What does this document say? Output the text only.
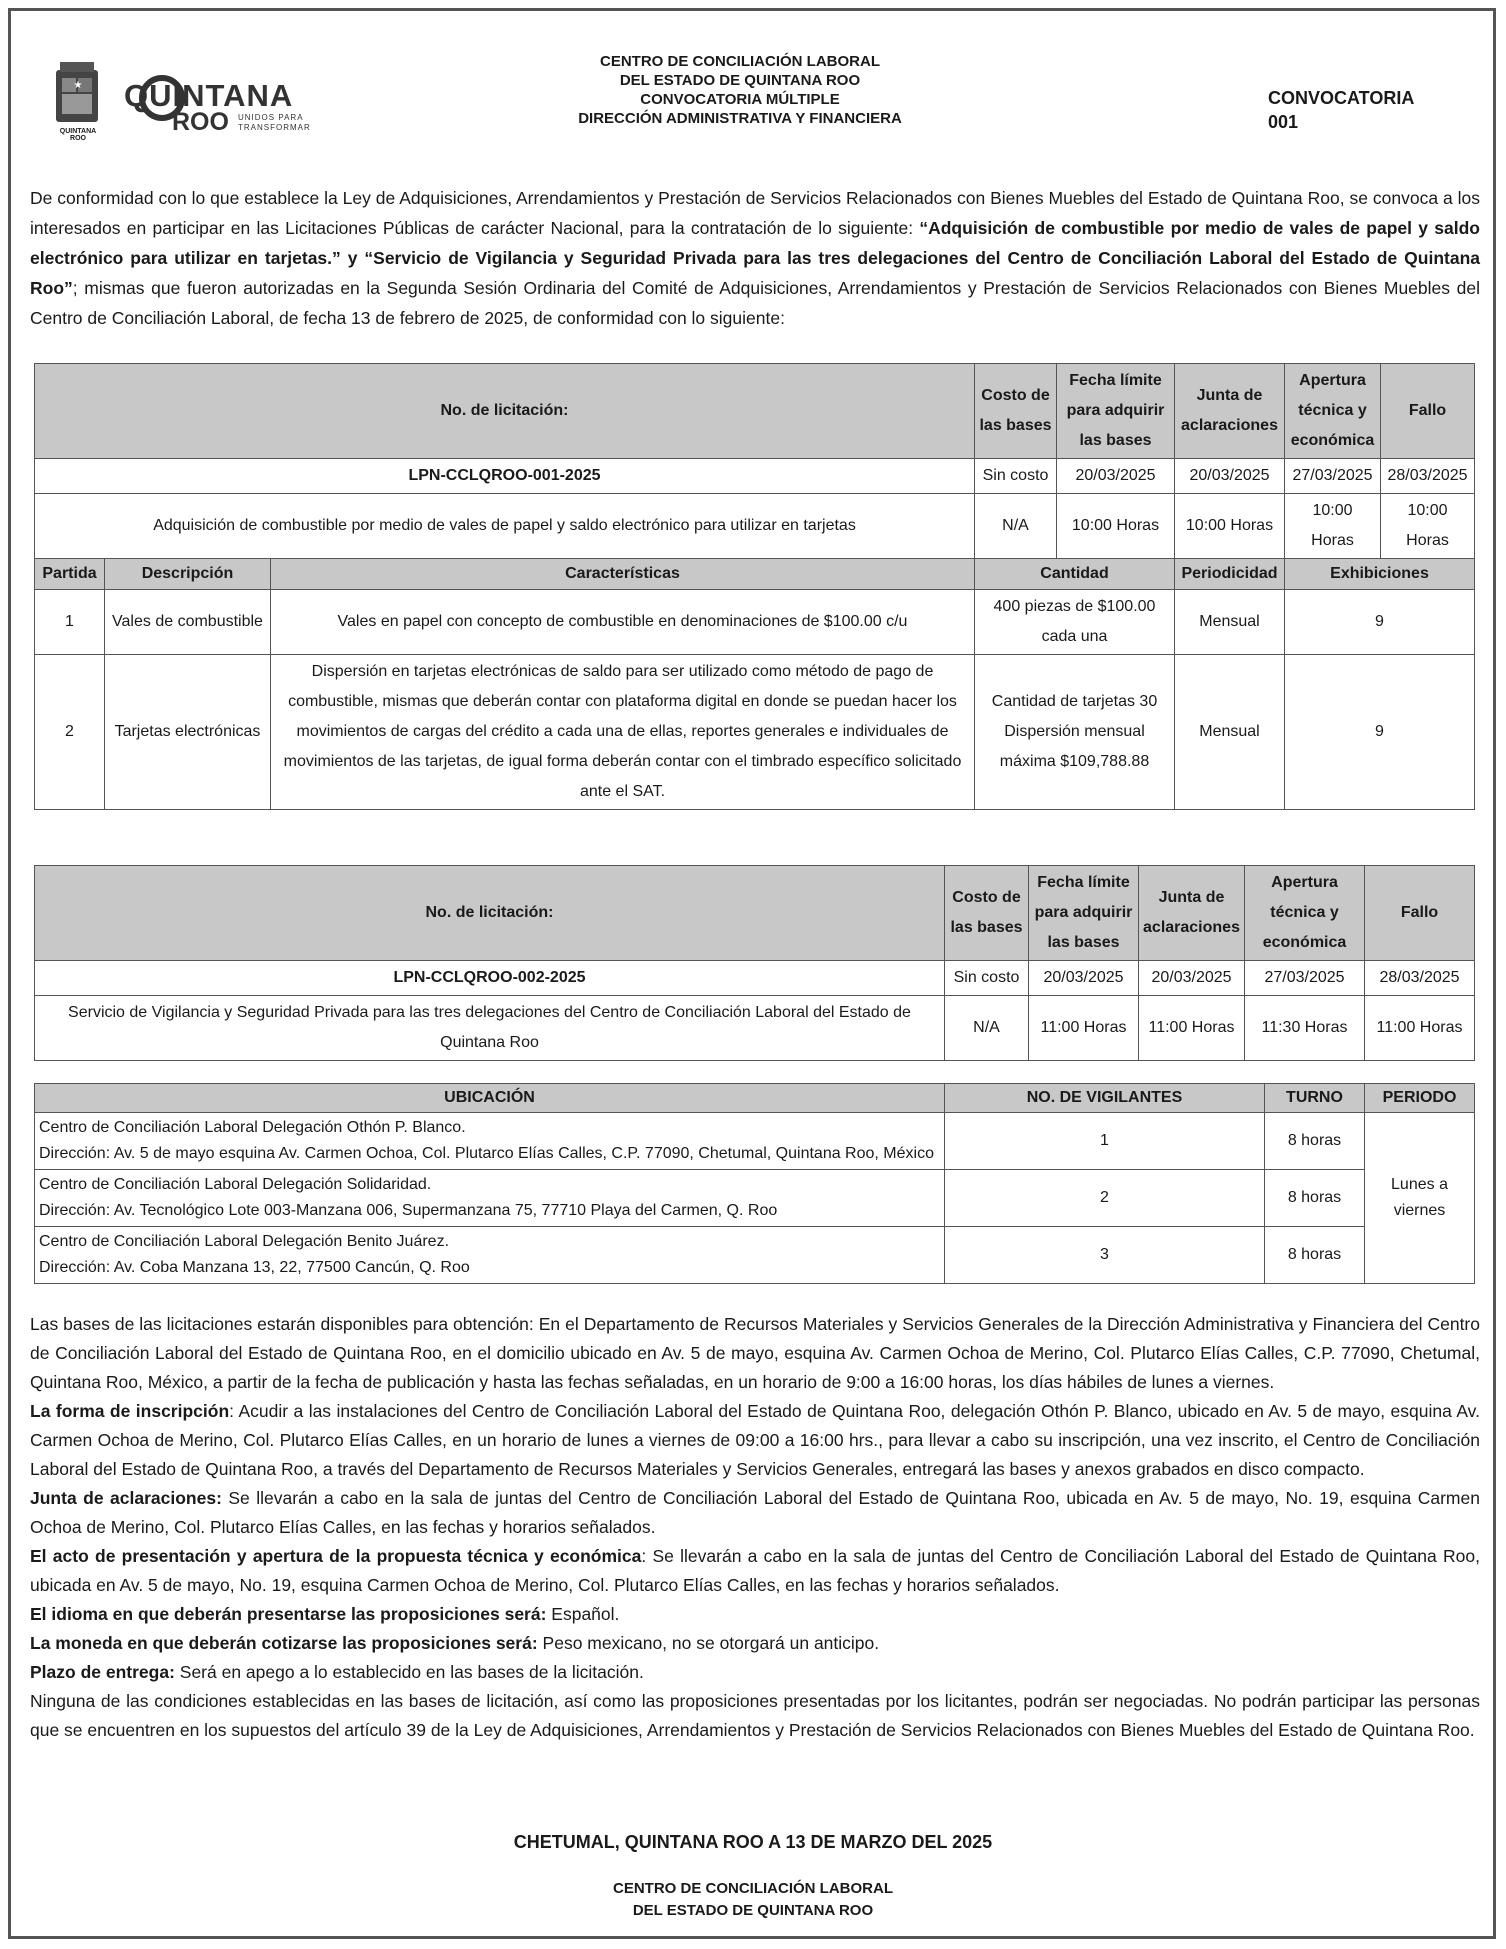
★
QUINTANA ROO
QUINTANA
ROO UNIDOS PARA
TRANSFORMAR
CENTRO DE CONCILIACIÓN LABORAL
DEL ESTADO DE QUINTANA ROO
CONVOCATORIA MÚLTIPLE
DIRECCIÓN ADMINISTRATIVA Y FINANCIERA
CONVOCATORIA
001
De conformidad con lo que establece la Ley de Adquisiciones, Arrendamientos y Prestación de Servicios Relacionados con Bienes Muebles del Estado de Quintana Roo, se convoca a los interesados en participar en las Licitaciones Públicas de carácter Nacional, para la contratación de lo siguiente: “Adquisición de combustible por medio de vales de papel y saldo electrónico para utilizar en tarjetas.” y “Servicio de Vigilancia y Seguridad Privada para las tres delegaciones del Centro de Conciliación Laboral del Estado de Quintana Roo”; mismas que fueron autorizadas en la Segunda Sesión Ordinaria del Comité de Adquisiciones, Arrendamientos y Prestación de Servicios Relacionados con Bienes Muebles del Centro de Conciliación Laboral, de fecha 13 de febrero de 2025, de conformidad con lo siguiente:
No. de licitación:			Costo de las bases	Fecha límite para adquirir las bases	Junta de aclaraciones	Apertura técnica y económica	Fallo
LPN-CCLQROO-001-2025			Sin costo	20/03/2025	20/03/2025	27/03/2025	28/03/2025
Adquisición de combustible por medio de vales de papel y saldo electrónico para utilizar en tarjetas			N/A	10:00 Horas	10:00 Horas	10:00 Horas	10:00 Horas
Partida	Descripción	Características	Cantidad		Periodicidad	Exhibiciones	
1	Vales de combustible	Vales en papel con concepto de combustible en denominaciones de $100.00 c/u	400 piezas de $100.00 cada una		Mensual	9	
2	Tarjetas electrónicas	Dispersión en tarjetas electrónicas de saldo para ser utilizado como método de pago de combustible, mismas que deberán contar con plataforma digital en donde se puedan hacer los movimientos de cargas del crédito a cada una de ellas, reportes generales e individuales de movimientos de las tarjetas, de igual forma deberán contar con el timbrado específico solicitado ante el SAT.	Cantidad de tarjetas 30 Dispersión mensual máxima $109,788.88		Mensual	9	
No. de licitación:	Costo de las bases	Fecha límite para adquirir las bases	Junta de aclaraciones	Apertura técnica y económica	Fallo
LPN-CCLQROO-002-2025	Sin costo	20/03/2025	20/03/2025	27/03/2025	28/03/2025
Servicio de Vigilancia y Seguridad Privada para las tres delegaciones del Centro de Conciliación Laboral del Estado de Quintana Roo	N/A	11:00 Horas	11:00 Horas	11:30 Horas	11:00 Horas
UBICACIÓN	NO. DE VIGILANTES	TURNO	PERIODO

Centro de Conciliación Laboral Delegación Othón P. Blanco.
Dirección: Av. 5 de mayo esquina Av. Carmen Ochoa, Col. Plutarco Elías Calles, C.P. 77090, Chetumal, Quintana Roo, México	1	8 horas	Lunes a viernes

Centro de Conciliación Laboral Delegación Solidaridad.
Dirección: Av. Tecnológico Lote 003-Manzana 006, Supermanzana 75, 77710 Playa del Carmen, Q. Roo	2	8 horas	

Centro de Conciliación Laboral Delegación Benito Juárez.
Dirección: Av. Coba Manzana 13, 22, 77500 Cancún, Q. Roo	3	8 horas	
Las bases de las licitaciones estarán disponibles para obtención: En el Departamento de Recursos Materiales y Servicios Generales de la Dirección Administrativa y Financiera del Centro de Conciliación Laboral del Estado de Quintana Roo, en el domicilio ubicado en Av. 5 de mayo, esquina Av. Carmen Ochoa de Merino, Col. Plutarco Elías Calles, C.P. 77090, Chetumal, Quintana Roo, México, a partir de la fecha de publicación y hasta las fechas señaladas, en un horario de 9:00 a 16:00 horas, los días hábiles de lunes a viernes.
La forma de inscripción: Acudir a las instalaciones del Centro de Conciliación Laboral del Estado de Quintana Roo, delegación Othón P. Blanco, ubicado en Av. 5 de mayo, esquina Av. Carmen Ochoa de Merino, Col. Plutarco Elías Calles, en un horario de lunes a viernes de 09:00 a 16:00 hrs., para llevar a cabo su inscripción, una vez inscrito, el Centro de Conciliación Laboral del Estado de Quintana Roo, a través del Departamento de Recursos Materiales y Servicios Generales, entregará las bases y anexos grabados en disco compacto.
Junta de aclaraciones: Se llevarán a cabo en la sala de juntas del Centro de Conciliación Laboral del Estado de Quintana Roo, ubicada en Av. 5 de mayo, No. 19, esquina Carmen Ochoa de Merino, Col. Plutarco Elías Calles, en las fechas y horarios señalados.
El acto de presentación y apertura de la propuesta técnica y económica: Se llevarán a cabo en la sala de juntas del Centro de Conciliación Laboral del Estado de Quintana Roo, ubicada en Av. 5 de mayo, No. 19, esquina Carmen Ochoa de Merino, Col. Plutarco Elías Calles, en las fechas y horarios señalados.
El idioma en que deberán presentarse las proposiciones será: Español.
La moneda en que deberán cotizarse las proposiciones será: Peso mexicano, no se otorgará un anticipo.
Plazo de entrega: Será en apego a lo establecido en las bases de la licitación.
Ninguna de las condiciones establecidas en las bases de licitación, así como las proposiciones presentadas por los licitantes, podrán ser negociadas. No podrán participar las personas que se encuentren en los supuestos del artículo 39 de la Ley de Adquisiciones, Arrendamientos y Prestación de Servicios Relacionados con Bienes Muebles del Estado de Quintana Roo.
CHETUMAL, QUINTANA ROO A 13 DE MARZO DEL 2025
CENTRO DE CONCILIACIÓN LABORAL
DEL ESTADO DE QUINTANA ROO
